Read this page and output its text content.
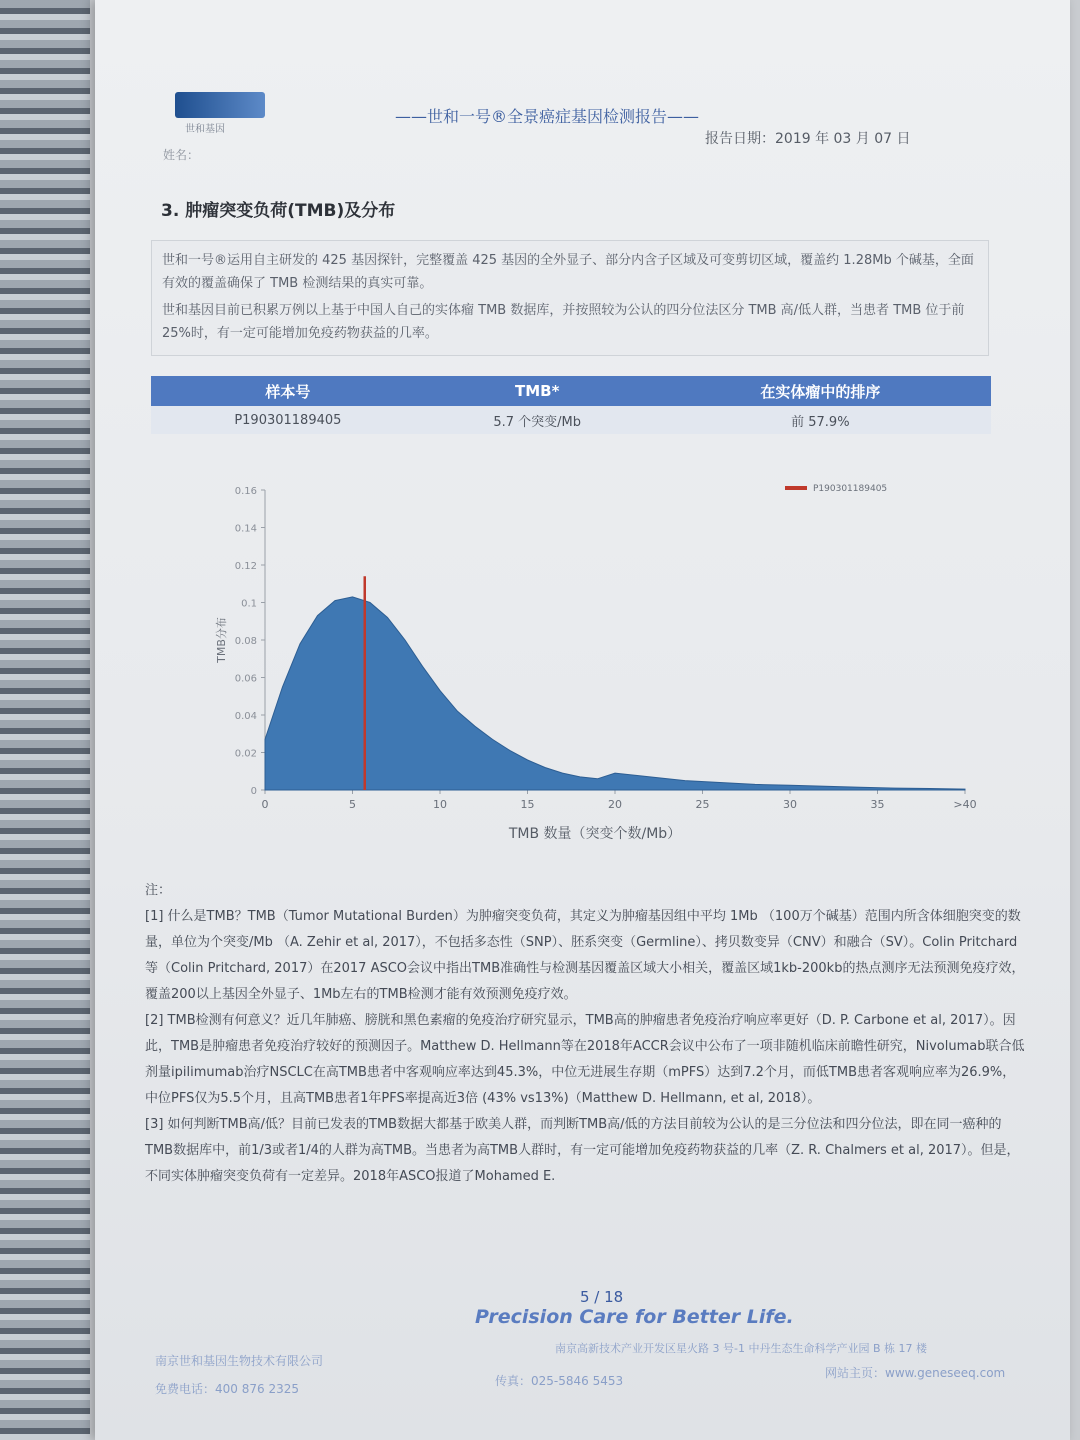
世和基因
——世和一号®全景癌症基因检测报告——
姓名：
报告日期：2019 年 03 月 07 日
3. 肿瘤突变负荷(TMB)及分布

世和一号®运用自主研发的 425 基因探针，完整覆盖 425 基因的全外显子、部分内含子区域及可变剪切区域，覆盖约 1.28Mb 个碱基，全面有效的覆盖确保了 TMB 检测结果的真实可靠。

世和基因目前已积累万例以上基于中国人自己的实体瘤 TMB 数据库，并按照较为公认的四分位法区分 TMB 高/低人群，当患者 TMB 位于前 25%时，有一定可能增加免疫药物获益的几率。

样本号	TMB*	在实体瘤中的排序
P190301189405	5.7 个突变/Mb	前 57.9%
0
0.02
0.04
0.06
0.08
0.1
0.12
0.14
0.16
0	5	10	15	20	25	30	35	>40
P190301189405
TMB分布
TMB 数量（突变个数/Mb）

注：

[1] 什么是TMB？TMB（Tumor Mutational Burden）为肿瘤突变负荷，其定义为肿瘤基因组中平均 1Mb （100万个碱基）范围内所含体细胞突变的数量，单位为个突变/Mb （A. Zehir et al, 2017），不包括多态性（SNP）、胚系突变（Germline）、拷贝数变异（CNV）和融合（SV）。Colin Pritchard等（Colin Pritchard, 2017）在2017 ASCO会议中指出TMB准确性与检测基因覆盖区域大小相关，覆盖区域1kb-200kb的热点测序无法预测免疫疗效，覆盖200以上基因全外显子、1Mb左右的TMB检测才能有效预测免疫疗效。

[2] TMB检测有何意义？近几年肺癌、膀胱和黑色素瘤的免疫治疗研究显示，TMB高的肿瘤患者免疫治疗响应率更好（D. P. Carbone et al, 2017）。因此，TMB是肿瘤患者免疫治疗较好的预测因子。Matthew D. Hellmann等在2018年ACCR会议中公布了一项非随机临床前瞻性研究，Nivolumab联合低剂量ipilimumab治疗NSCLC在高TMB患者中客观响应率达到45.3%，中位无进展生存期（mPFS）达到7.2个月，而低TMB患者客观响应率为26.9%，中位PFS仅为5.5个月，且高TMB患者1年PFS率提高近3倍 (43% vs13%)（Matthew D. Hellmann, et al, 2018）。

[3] 如何判断TMB高/低？目前已发表的TMB数据大都基于欧美人群，而判断TMB高/低的方法目前较为公认的是三分位法和四分位法，即在同一癌种的TMB数据库中，前1/3或者1/4的人群为高TMB。当患者为高TMB人群时，有一定可能增加免疫药物获益的几率（Z. R. Chalmers et al, 2017）。但是，不同实体肿瘤突变负荷有一定差异。2018年ASCO报道了Mohamed E.

5 / 18
Precision Care for Better Life.
南京世和基因生物技术有限公司
免费电话：400 876 2325
南京高新技术产业开发区星火路 3 号-1 中丹生态生命科学产业园 B 栋 17 楼
传真：025-5846 5453
网站主页：www.geneseeq.com
